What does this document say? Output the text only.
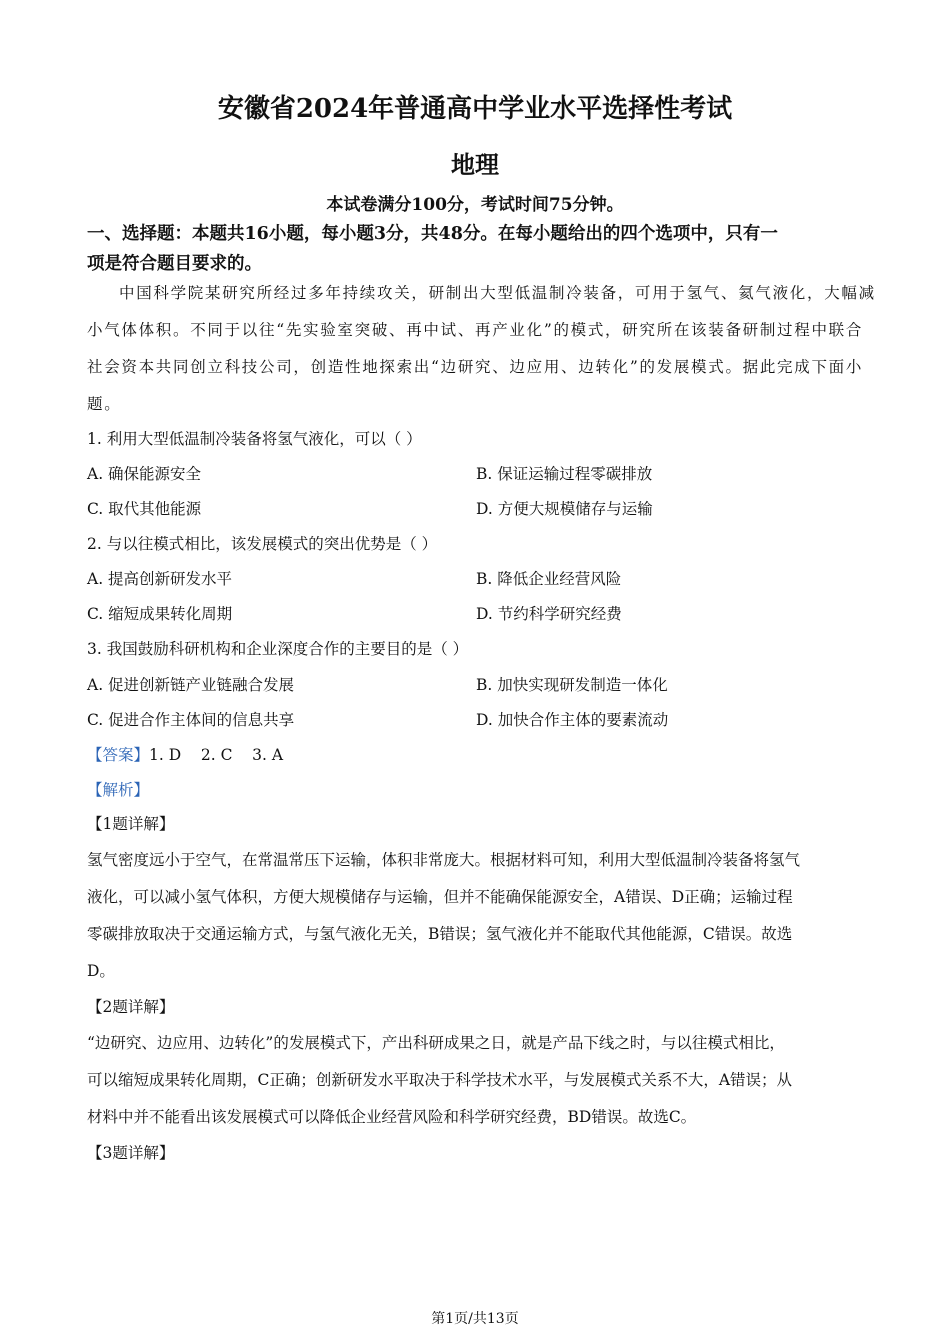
安徽省2024年普通高中学业水平选择性考试
地理
本试卷满分100分，考试时间75分钟。
一、选择题：本题共16小题，每小题3分，共48分。在每小题给出的四个选项中，只有一
项是符合题目要求的。
中国科学院某研究所经过多年持续攻关，研制出大型低温制冷装备，可用于氢气、氦气液化，大幅减
小气体体积。不同于以往“先实验室突破、再中试、再产业化”的模式，研究所在该装备研制过程中联合
社会资本共同创立科技公司，创造性地探索出“边研究、边应用、边转化”的发展模式。据此完成下面小
题。
1. 利用大型低温制冷装备将氢气液化，可以（ ）
A. 确保能源安全	B. 保证运输过程零碳排放
C. 取代其他能源	D. 方便大规模储存与运输
2. 与以往模式相比，该发展模式的突出优势是（ ）
A. 提高创新研发水平	B. 降低企业经营风险
C. 缩短成果转化周期	D. 节约科学研究经费
3. 我国鼓励科研机构和企业深度合作的主要目的是（ ）
A. 促进创新链产业链融合发展	B. 加快实现研发制造一体化
C. 促进合作主体间的信息共享	D. 加快合作主体的要素流动
【答案】1. D    2. C    3. A
【解析】
【1题详解】
氢气密度远小于空气，在常温常压下运输，体积非常庞大。根据材料可知，利用大型低温制冷装备将氢气
液化，可以减小氢气体积，方便大规模储存与运输，但并不能确保能源安全，A错误、D正确；运输过程
零碳排放取决于交通运输方式，与氢气液化无关，B错误；氢气液化并不能取代其他能源，C错误。故选
D。
【2题详解】
“边研究、边应用、边转化”的发展模式下，产出科研成果之日，就是产品下线之时，与以往模式相比，
可以缩短成果转化周期，C正确；创新研发水平取决于科学技术水平，与发展模式关系不大，A错误；从
材料中并不能看出该发展模式可以降低企业经营风险和科学研究经费，BD错误。故选C。
【3题详解】
第1页/共13页
